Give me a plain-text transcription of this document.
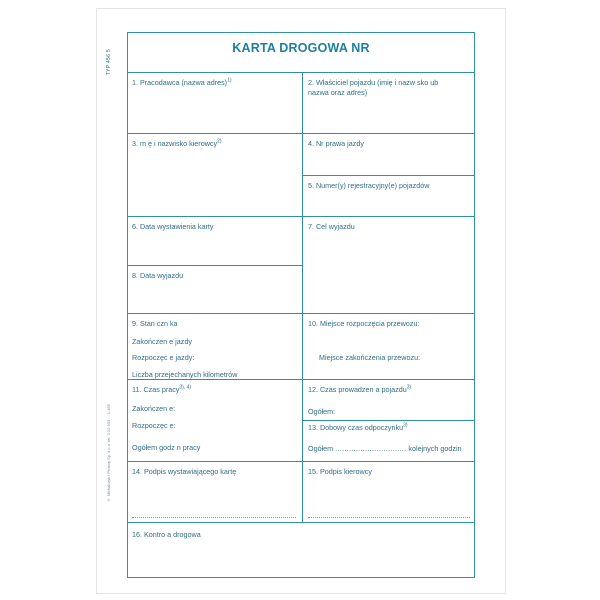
TYP 456 5
© Michalczyk i Prokop Sp. z o.o. tel. 0 22 633 ... 1-456
KARTA DROGOWA NR
1. Pracodawca (nazwa adres)$^{1)}$	2. Właściciel pojazdu (imię i nazw sko ub
nazwa oraz adres)
3. m ę i nazwisko kierowcy$^{2)}$	4. Nr prawa jazdy
5. Numer(y) rejestracyjny(e) pojazdów
6. Data wystawienia karty	7. Cel wyjazdu
8. Data wyjazdu
9. Stan czn ka
Zakończen e jazdy
Rozpoczęc e jazdy:
Liczba przejechanych kilometrów
10. Miejsce rozpoczęcia przewozu:
Miejsce zakończenia przewozu:
11. Czas pracy$^{3), 4)}$
Zakończen e:
Rozpoczęc e:
Ogółem godz n pracy
12. Czas prowadzen a pojazdu$^{3)}$
Ogółem:
13. Dobowy czas odpoczynku$^{3)}$
Ogółem ............................... kolejnych godzin
14. Podpis wystawiającego kartę	15. Podpis kierowcy
16. Kontro a drogowa
